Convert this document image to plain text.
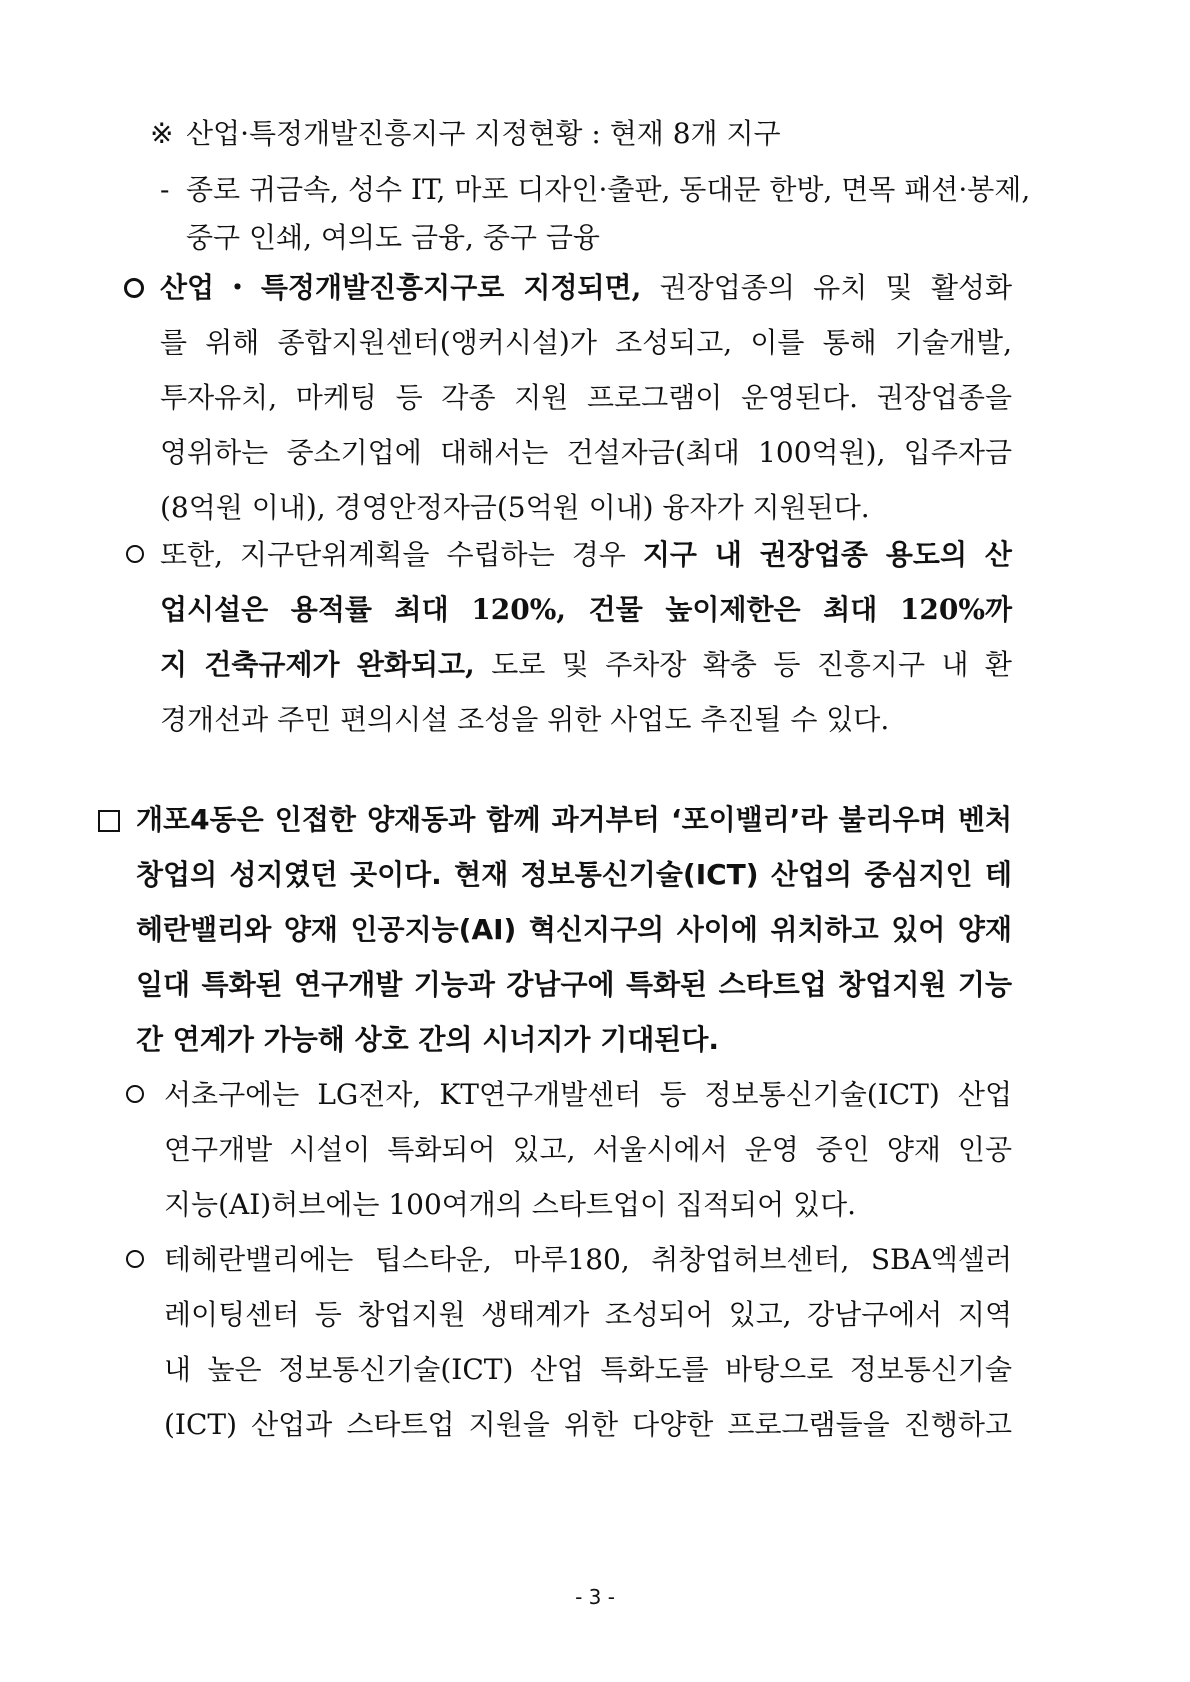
※ 산업·특정개발진흥지구 지정현황 : 현재 8개 지구
- 종로 귀금속, 성수 IT, 마포 디자인·출판, 동대문 한방, 면목 패션·봉제,
중구 인쇄, 여의도 금융, 중구 금융
산업・특정개발진흥지구로 지정되면, 권장업종의 유치 및 활성화
를 위해 종합지원센터(앵커시설)가 조성되고, 이를 통해 기술개발,
투자유치, 마케팅 등 각종 지원 프로그램이 운영된다. 권장업종을
영위하는 중소기업에 대해서는 건설자금(최대 100억원), 입주자금
(8억원 이내), 경영안정자금(5억원 이내) 융자가 지원된다.
또한, 지구단위계획을 수립하는 경우 지구 내 권장업종 용도의 산
업시설은 용적률 최대 120%, 건물 높이제한은 최대 120%까
지 건축규제가 완화되고, 도로 및 주차장 확충 등 진흥지구 내 환
경개선과 주민 편의시설 조성을 위한 사업도 추진될 수 있다.
개포4동은 인접한 양재동과 함께 과거부터 ‘포이밸리’라 불리우며 벤처
창업의 성지였던 곳이다. 현재 정보통신기술(ICT) 산업의 중심지인 테
헤란밸리와 양재 인공지능(AI) 혁신지구의 사이에 위치하고 있어 양재
일대 특화된 연구개발 기능과 강남구에 특화된 스타트업 창업지원 기능
간 연계가 가능해 상호 간의 시너지가 기대된다.
서초구에는 LG전자, KT연구개발센터 등 정보통신기술(ICT) 산업
연구개발 시설이 특화되어 있고, 서울시에서 운영 중인 양재 인공
지능(AI)허브에는 100여개의 스타트업이 집적되어 있다.
테헤란밸리에는 팁스타운, 마루180, 취창업허브센터, SBA엑셀러
레이팅센터 등 창업지원 생태계가 조성되어 있고, 강남구에서 지역
내 높은 정보통신기술(ICT) 산업 특화도를 바탕으로 정보통신기술
(ICT) 산업과 스타트업 지원을 위한 다양한 프로그램들을 진행하고
- 3 -
